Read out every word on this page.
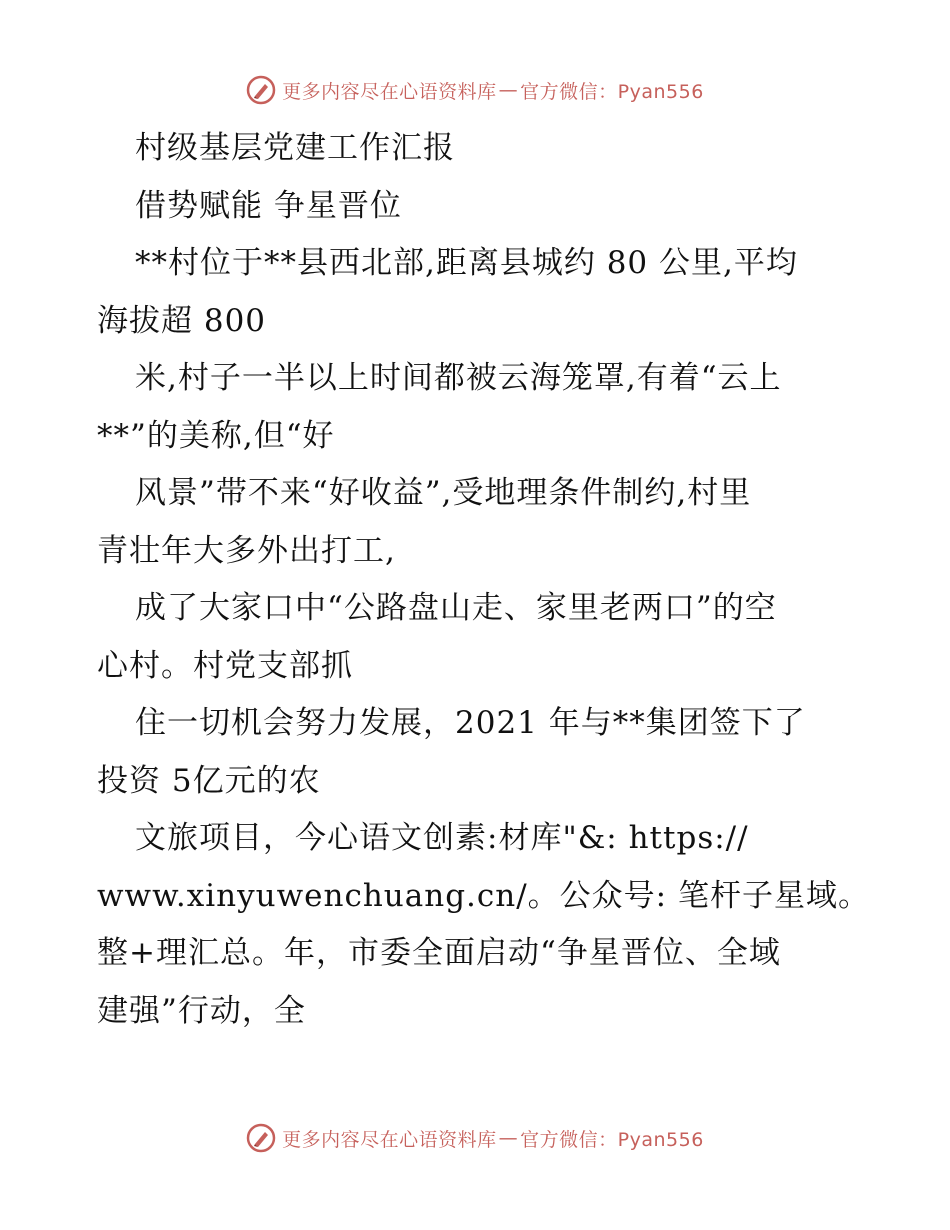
更多内容尽在心语资料库 — 官方微信：Pyan556
村级基层党建工作汇报
借势赋能 争星晋位
**村位于**县西北部,距离县城约 80 公里,平均
海拔超 800
米,村子一半以上时间都被云海笼罩,有着“云上
**”的美称,但“好
风景”带不来“好收益”,受地理条件制约,村里
青壮年大多外出打工,
成了大家口中“公路盘山走、家里老两口”的空
心村。村党支部抓
住一切机会努力发展，2021 年与**集团签下了
投资 5亿元的农
文旅项目，今心语文创素:材库"&: https://
www.xinyuwenchuang.cn/。公众号: 笔杆子星域。
整+理汇总。年，市委全面启动“争星晋位、全域
建强”行动，全
更多内容尽在心语资料库 — 官方微信：Pyan556
